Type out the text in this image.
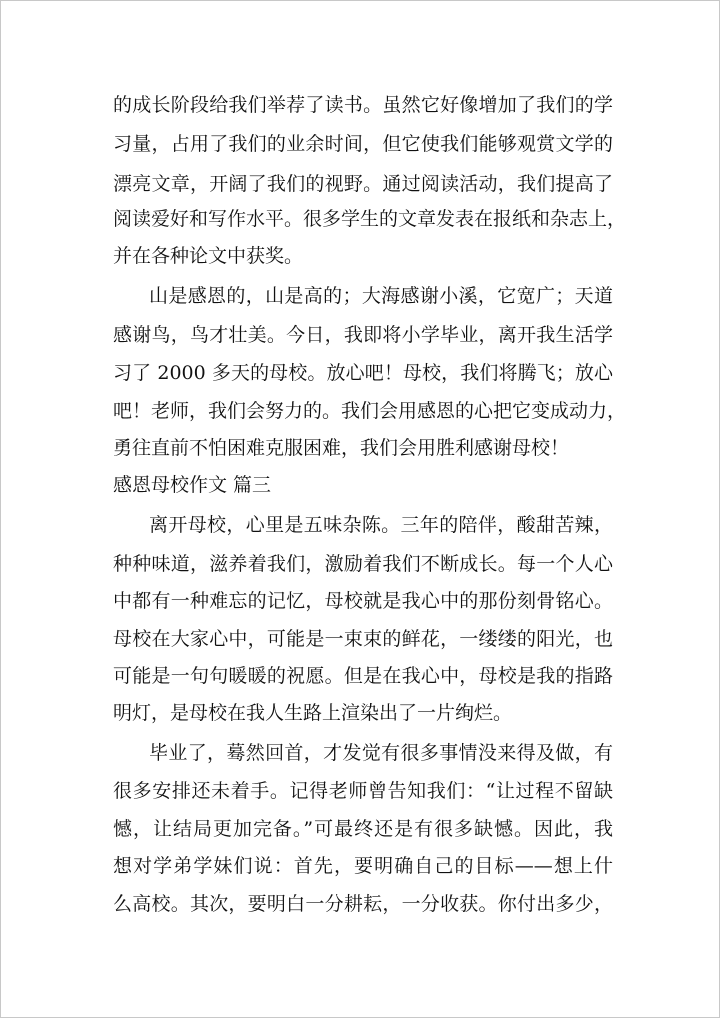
的成长阶段给我们举荐了读书。虽然它好像增加了我们的学
习量，占用了我们的业余时间，但它使我们能够观赏文学的
漂亮文章，开阔了我们的视野。通过阅读活动，我们提高了
阅读爱好和写作水平。很多学生的文章发表在报纸和杂志上，
并在各种论文中获奖。
山是感恩的，山是高的；大海感谢小溪，它宽广；天道
感谢鸟，鸟才壮美。今日，我即将小学毕业，离开我生活学
习了 2000 多天的母校。放心吧！母校，我们将腾飞；放心
吧！老师，我们会努力的。我们会用感恩的心把它变成动力，
勇往直前不怕困难克服困难，我们会用胜利感谢母校！
感恩母校作文 篇三
离开母校，心里是五味杂陈。三年的陪伴，酸甜苦辣，
种种味道，滋养着我们，激励着我们不断成长。每一个人心
中都有一种难忘的记忆，母校就是我心中的那份刻骨铭心。
母校在大家心中，可能是一束束的鲜花，一缕缕的阳光，也
可能是一句句暖暖的祝愿。但是在我心中，母校是我的指路
明灯，是母校在我人生路上渲染出了一片绚烂。
毕业了，蓦然回首，才发觉有很多事情没来得及做，有
很多安排还未着手。记得老师曾告知我们：“让过程不留缺
憾，让结局更加完备。”可最终还是有很多缺憾。因此，我
想对学弟学妹们说：首先，要明确自己的目标——想上什
么高校。其次，要明白一分耕耘，一分收获。你付出多少，
